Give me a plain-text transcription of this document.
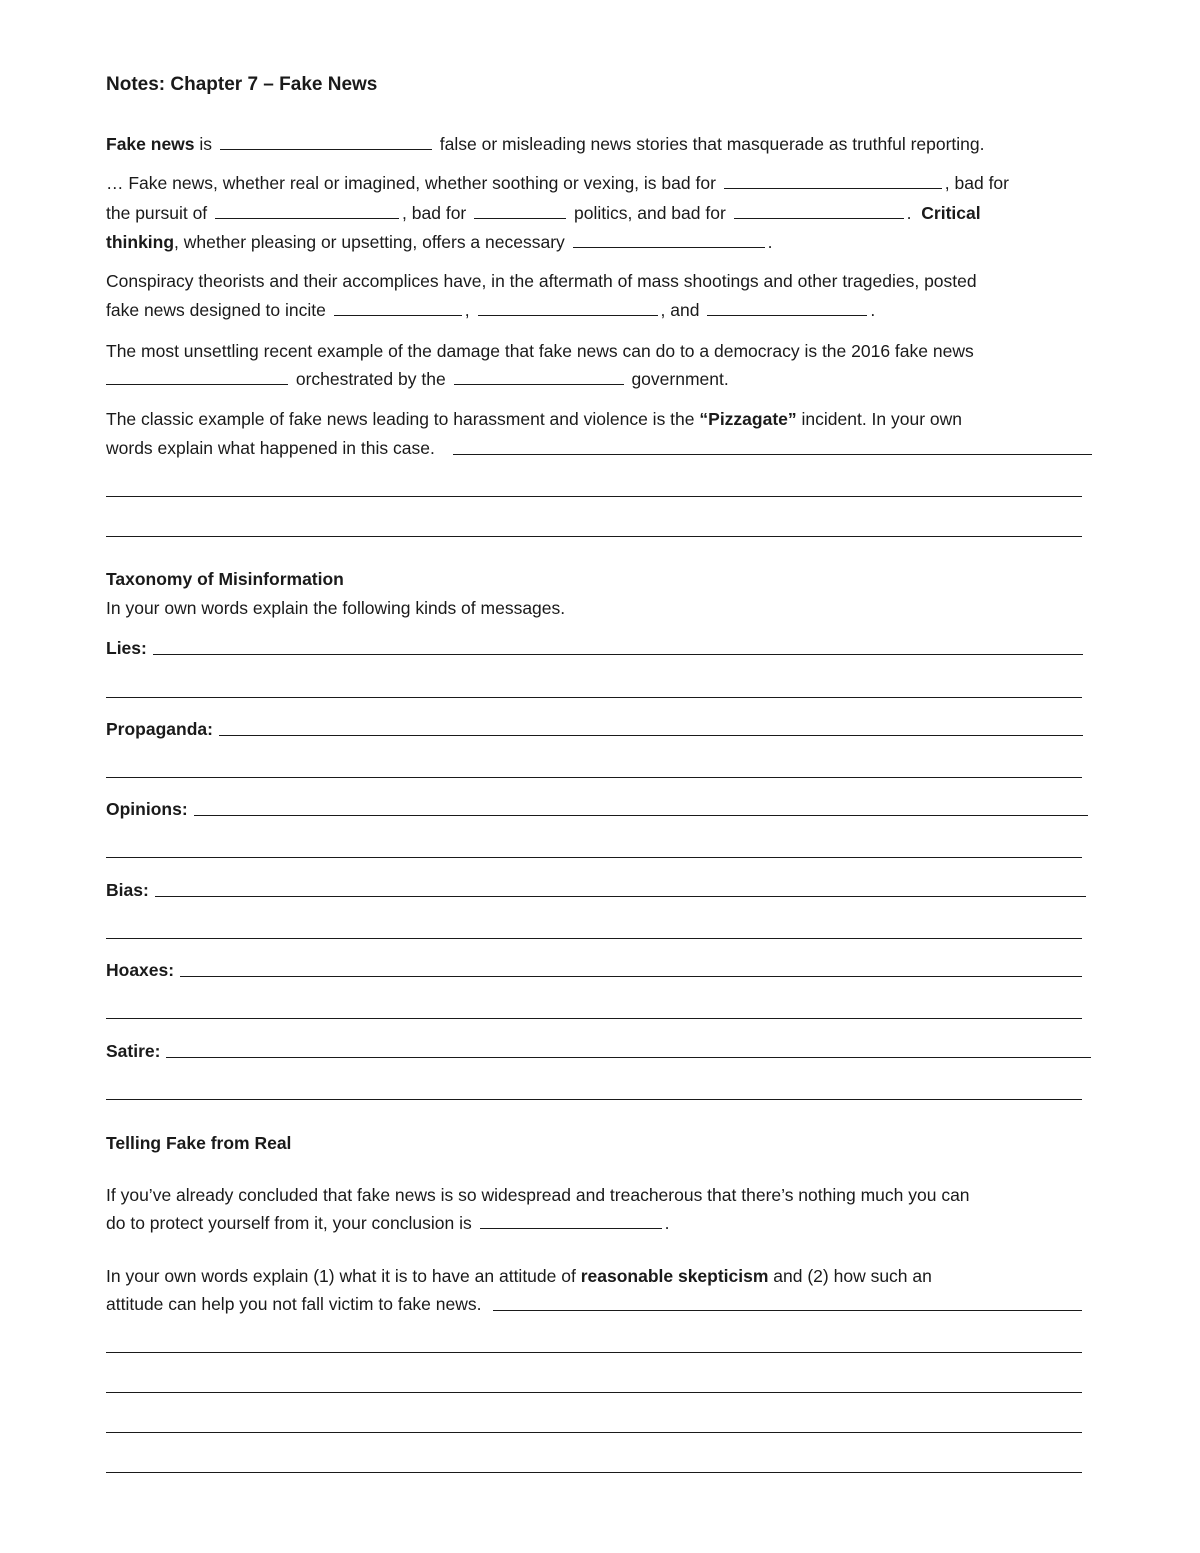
Notes: Chapter 7 – Fake News
Fake news is	false or misleading news stories that masquerade as truthful reporting.
… Fake news, whether real or imagined, whether soothing or vexing, is bad for	, bad for
the pursuit of	, bad for	politics, and bad for	. Critical
thinking, whether pleasing or upsetting, offers a necessary	.
Conspiracy theorists and their accomplices have, in the aftermath of mass shootings and other tragedies, posted
fake news designed to incite	,	, and	.
The most unsettling recent example of the damage that fake news can do to a democracy is the 2016 fake news
orchestrated by the	government.
The classic example of fake news leading to harassment and violence is the “Pizzagate” incident. In your own
words explain what happened in this case.
Taxonomy of Misinformation
In your own words explain the following kinds of messages.
Lies:
Propaganda:
Opinions:
Bias:
Hoaxes:
Satire:
Telling Fake from Real
If you’ve already concluded that fake news is so widespread and treacherous that there’s nothing much you can
do to protect yourself from it, your conclusion is	.
In your own words explain (1) what it is to have an attitude of reasonable skepticism and (2) how such an
attitude can help you not fall victim to fake news.
